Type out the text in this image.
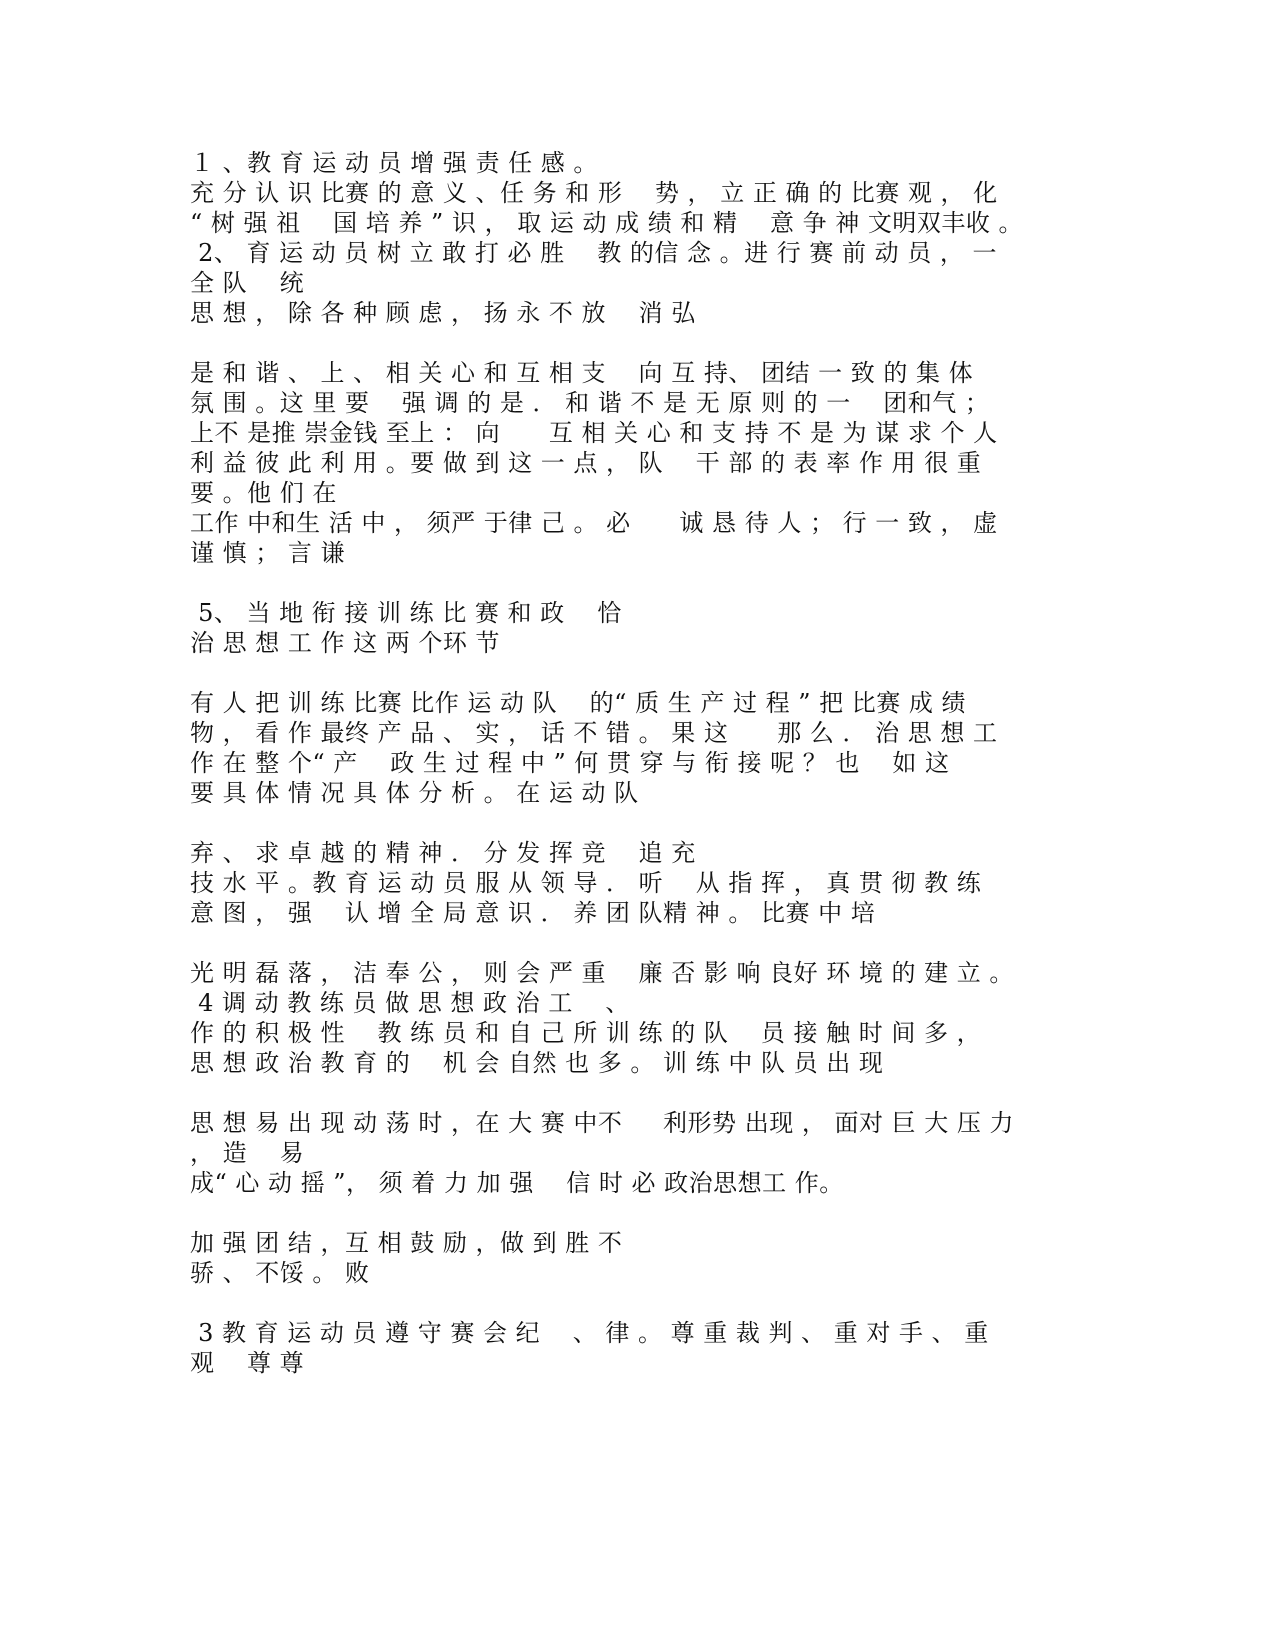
１ 、教 育 运 动 员 增 强 责 任 感 。
充 分 认 识 比赛 的 意 义 、任 务 和 形    势 ， 立 正 确 的 比赛 观 ， 化
“ 树 强 祖    国 培 养 ” 识 ， 取 运 动 成 绩 和 精    意 争 神 文明双丰收 。
2、 育 运 动 员 树 立 敢 打 必 胜    教 的信 念 。进 行 赛 前 动 员 ， 一
全 队    统
思 想 ， 除 各 种 顾 虑 ， 扬 永 不 放    消 弘
是 和 谐 、 上 、 相 关 心 和 互 相 支    向 互 持、 团结 一 致 的 集 体
氛 围 。这 里 要    强 调 的 是 ． 和 谐 不 是 无 原 则 的 一    团和气 ；
上不 是推 崇金钱 至上 ： 向      互 相 关 心 和 支 持 不 是 为 谋 求 个 人
利 益 彼 此 利 用 。要 做 到 这 一 点 ， 队    干 部 的 表 率 作 用 很 重
要 。他 们 在
工作 中和生 活 中 ， 须严 于律 己 。 必      诚 恳 待 人 ； 行 一 致 ， 虚
谨 慎 ； 言 谦
5、 当 地 衔 接 训 练 比 赛 和 政    恰
治 思 想 工 作 这 两 个环 节
有 人 把 训 练 比赛 比作 运 动 队    的“ 质 生 产 过 程 ” 把 比赛 成 绩
物 ， 看 作 最终 产 品 、 实 ， 话 不 错 。 果 这      那 么 ． 治 思 想 工
作 在 整 个“ 产    政 生 过 程 中 ” 何 贯 穿 与 衔 接 呢 ？ 也    如 这
要 具 体 情 况 具 体 分 析 。 在 运 动 队
弃 、 求 卓 越 的 精 神 ． 分 发 挥 竞    追 充
技 水 平 。教 育 运 动 员 服 从 领 导 ． 听    从 指 挥 ， 真 贯 彻 教 练
意 图 ， 强    认 增 全 局 意 识 ． 养 团 队精 神 。 比赛 中 培
光 明 磊 落 ， 洁 奉 公 ， 则 会 严 重    廉 否 影 响 良好 环 境 的 建 立 。
4 调 动 教 练 员 做 思 想 政 治 工    、
作 的 积 极 性    教 练 员 和 自 己 所 训 练 的 队    员 接 触 时 间 多 ，
思 想 政 治 教 育 的    机 会 自然 也 多 。 训 练 中 队 员 出 现
思 想 易 出 现 动 荡 时 ，在 大 赛 中不     利形势 出现 ， 面对 巨 大 压 力
， 造    易
成“ 心 动 摇 ”， 须 着 力 加 强    信 时 必 政治思想工 作。
加 强 团 结 ，互 相 鼓 励 ，做 到 胜 不
骄 、 不馁 。 败
3 教 育 运 动 员 遵 守 赛 会 纪    、 律 。 尊 重 裁 判 、 重 对 手 、 重
观    尊 尊
